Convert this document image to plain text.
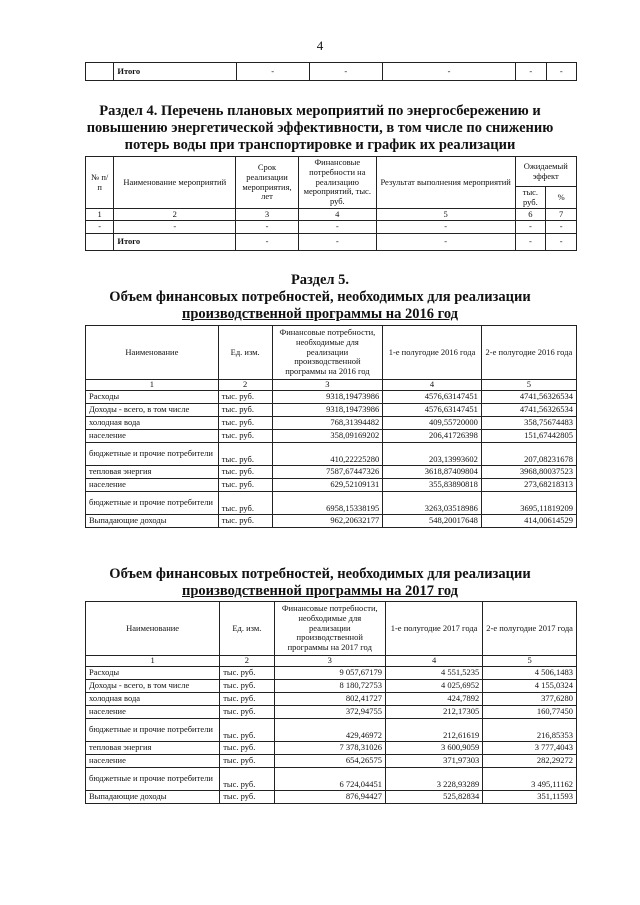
4
	Итого	-	-	-	-	-
Раздел 4. Перечень плановых мероприятий по энергосбережению и
повышению энергетической эффективности, в том числе по снижению
потерь воды при транспортировке и график их реализации
№ п/п	Наименование мероприятий	Срок реализации мероприятия, лет	Финансовые потребности на реализацию мероприятий, тыс. руб.	Результат выполнения мероприятий	Ожидаемый эффект	
					тыс. руб.	%
1	2	3	4	5	6	7
-	-	-	-	-	-	-
	Итого	-	-	-	-	-
Раздел 5.
Объем финансовых потребностей, необходимых для реализации
производственной программы на 2016 год
Наименование	Ед. изм.	Финансовые потребности, необходимые для реализации производственной программы на 2016 год	1-е полугодие 2016 года	2-е полугодие 2016 года
1	2	3	4	5
Расходы	тыс. руб.	9318,19473986	4576,63147451	4741,56326534
Доходы - всего, в том числе	тыс. руб.	9318,19473986	4576,63147451	4741,56326534
холодная вода	тыс. руб.	768,31394482	409,55720000	358,75674483
население	тыс. руб.	358,09169202	206,41726398	151,67442805
бюджетные и прочие потребители	тыс. руб.	410,22225280	203,13993602	207,08231678
тепловая энергия	тыс. руб.	7587,67447326	3618,87409804	3968,80037523
население	тыс. руб.	629,52109131	355,83890818	273,68218313
бюджетные и прочие потребители	тыс. руб.	6958,15338195	3263,03518986	3695,11819209
Выпадающие доходы	тыс. руб.	962,20632177	548,20017648	414,00614529
Объем финансовых потребностей, необходимых для реализации
производственной программы на 2017 год
Наименование	Ед. изм.	Финансовые потребности, необходимые для реализации производственной программы на 2017 год	1-е полугодие 2017 года	2-е полугодие 2017 года
1	2	3	4	5
Расходы	тыс. руб.	9 057,67179	4 551,5235	4 506,1483
Доходы - всего, в том числе	тыс. руб.	8 180,72753	4 025,6952	4 155,0324
холодная вода	тыс. руб.	802,41727	424,7892	377,6280
население	тыс. руб.	372,94755	212,17305	160,77450
бюджетные и прочие потребители	тыс. руб.	429,46972	212,61619	216,85353
тепловая энергия	тыс. руб.	7 378,31026	3 600,9059	3 777,4043
население	тыс. руб.	654,26575	371,97303	282,29272
бюджетные и прочие потребители	тыс. руб.	6 724,04451	3 228,93289	3 495,11162
Выпадающие доходы	тыс. руб.	876,94427	525,82834	351,11593
